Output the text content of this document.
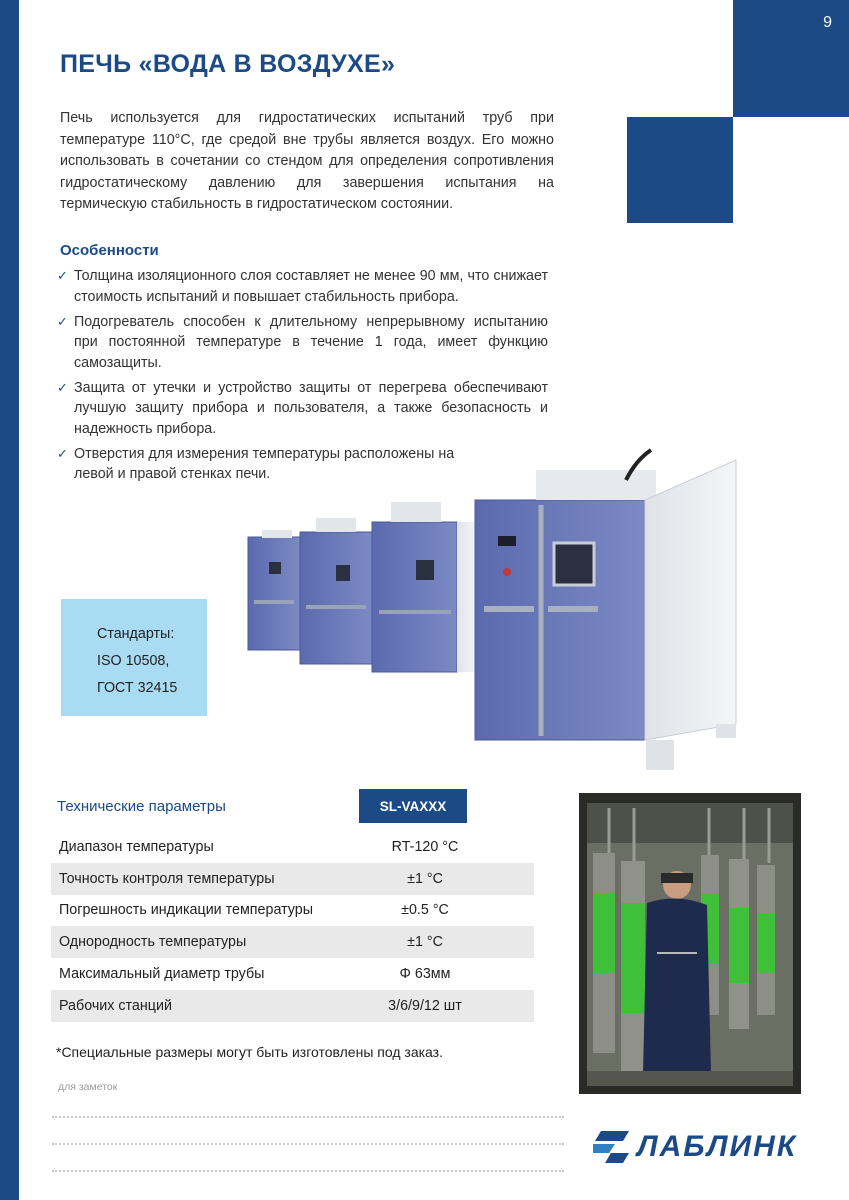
9
ПЕЧЬ «ВОДА В ВОЗДУХЕ»

Печь используется для гидростатических испытаний труб при температуре 110°C, где средой вне трубы является воздух. Его можно использовать в сочетании со стендом для определения сопротивления гидростатическому давлению для завершения испытания на термическую стабильность в гидростатическом состоянии.

Особенности
✓ Толщина изоляционного слоя составляет не менее 90 мм, что снижает стоимость испытаний и повышает стабильность прибора.
✓ Подогреватель способен к длительному непрерывному испытанию при постоянной температуре в течение 1 года, имеет функцию самозащиты.
✓ Защита от утечки и устройство защиты от перегрева обеспечивают лучшую защиту прибора и пользователя, а также безопасность и надежность прибора.
✓ Отверстия для измерения температуры расположены на левой и правой стенках печи.
Стандарты:
ISO 10508,
ГОСТ 32415
Технические параметры	SL-VAXXX
Диапазон температуры	RT-120 °C
Точность контроля температуры	±1 °C
Погрешность индикации температуры	±0.5 °C
Однородность температуры	±1 °C
Максимальный диаметр трубы	Φ 63мм
Рабочих станций	3/6/9/12 шт
*Специальные размеры могут быть изготовлены под заказ.
для заметок
ЛАБЛИНК
